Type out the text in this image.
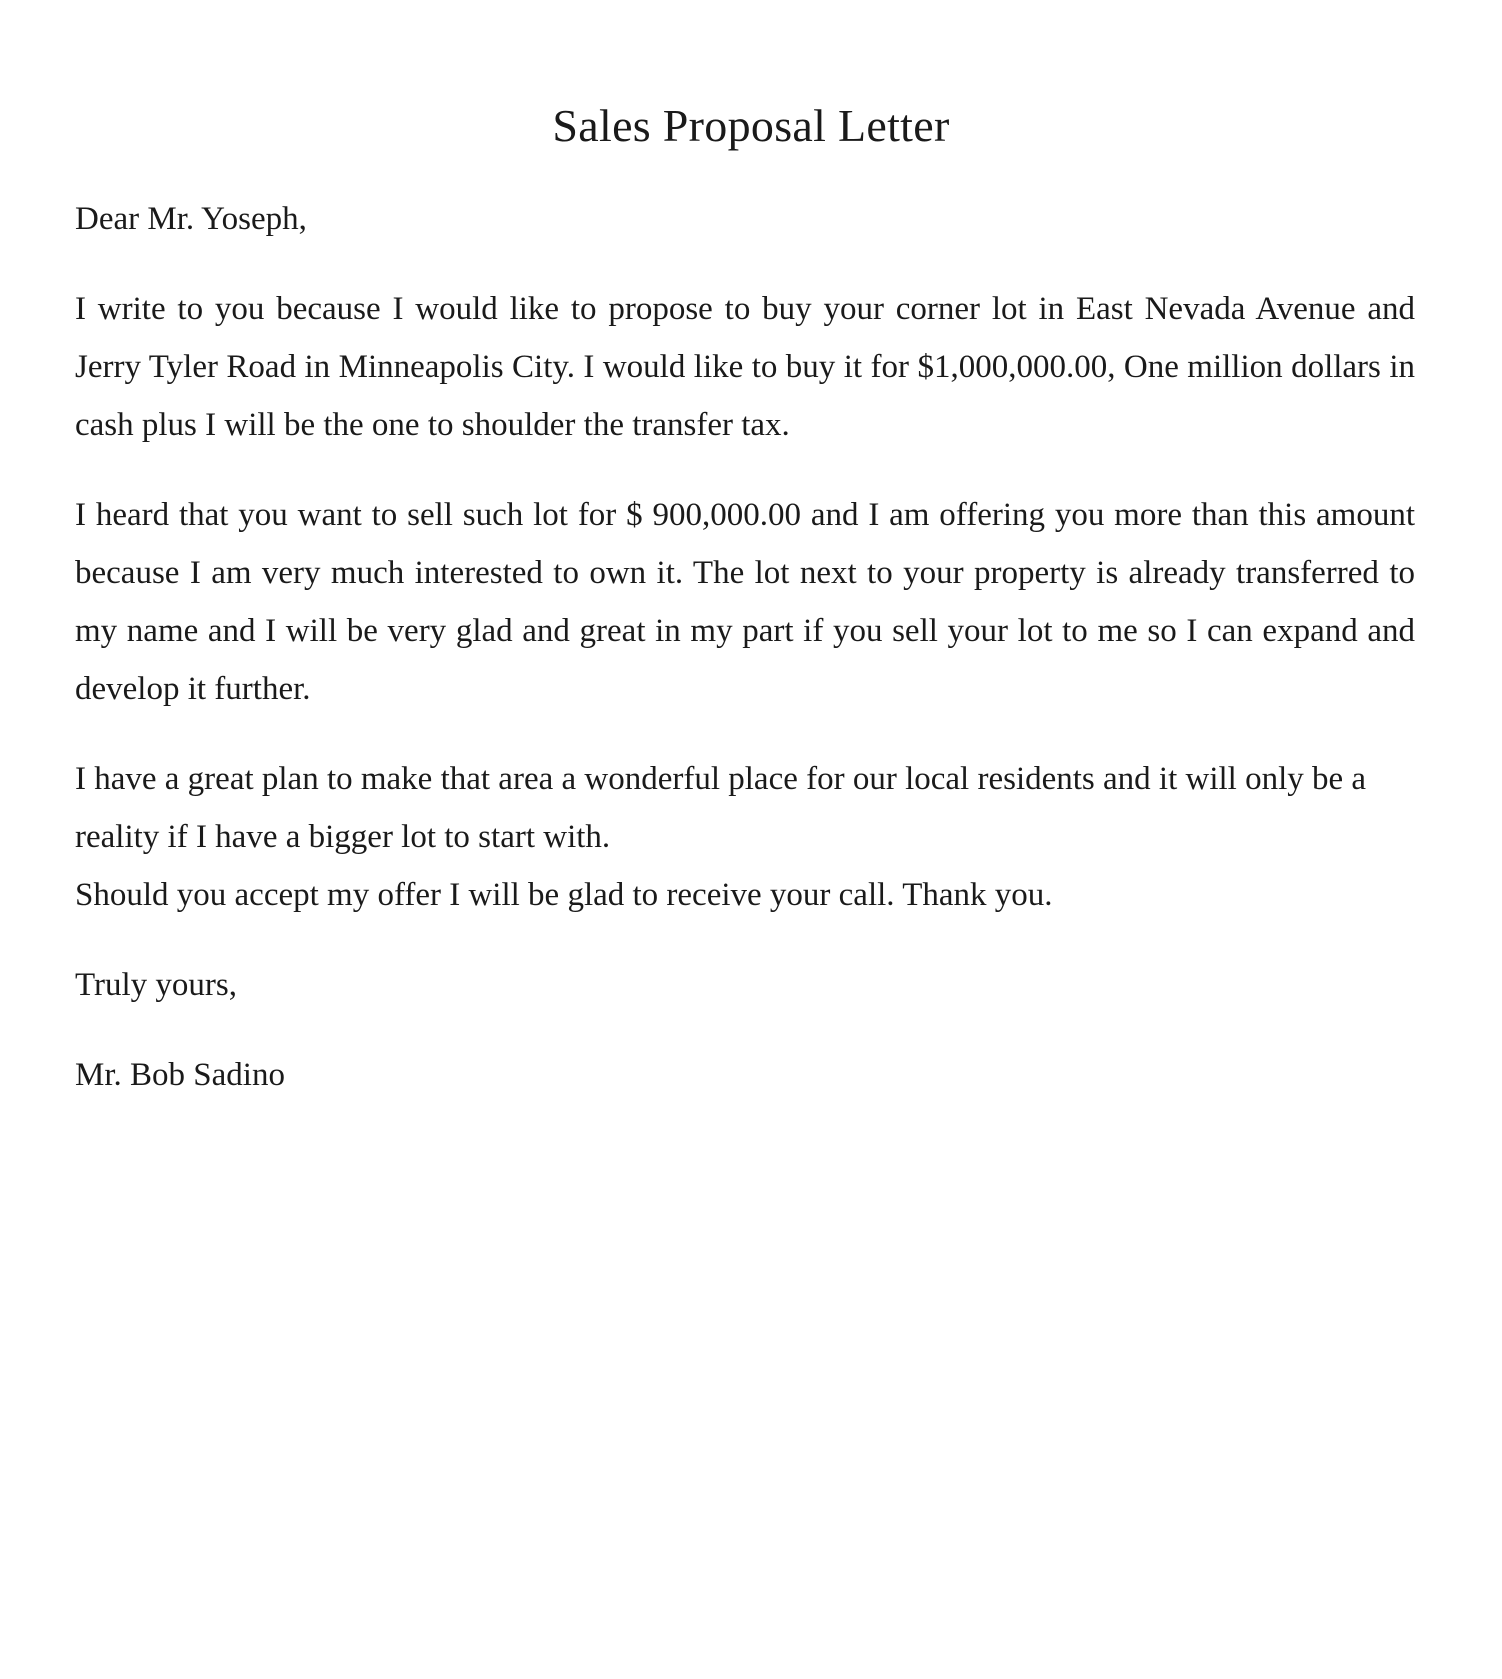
Sales Proposal Letter

Dear Mr. Yoseph,

I write to you because I would like to propose to buy your corner lot in East Nevada Avenue and Jerry Tyler Road in Minneapolis City. I would like to buy it for $1,000,000.00, One million dollars in cash plus I will be the one to shoulder the transfer tax.

I heard that you want to sell such lot for $ 900,000.00 and I am offering you more than this amount because I am very much interested to own it. The lot next to your property is already transferred to my name and I will be very glad and great in my part if you sell your lot to me so I can expand and develop it further.

I have a great plan to make that area a wonderful place for our local residents and it will only be a reality if I have a bigger lot to start with.

Should you accept my offer I will be glad to receive your call. Thank you.

Truly yours,

Mr. Bob Sadino
